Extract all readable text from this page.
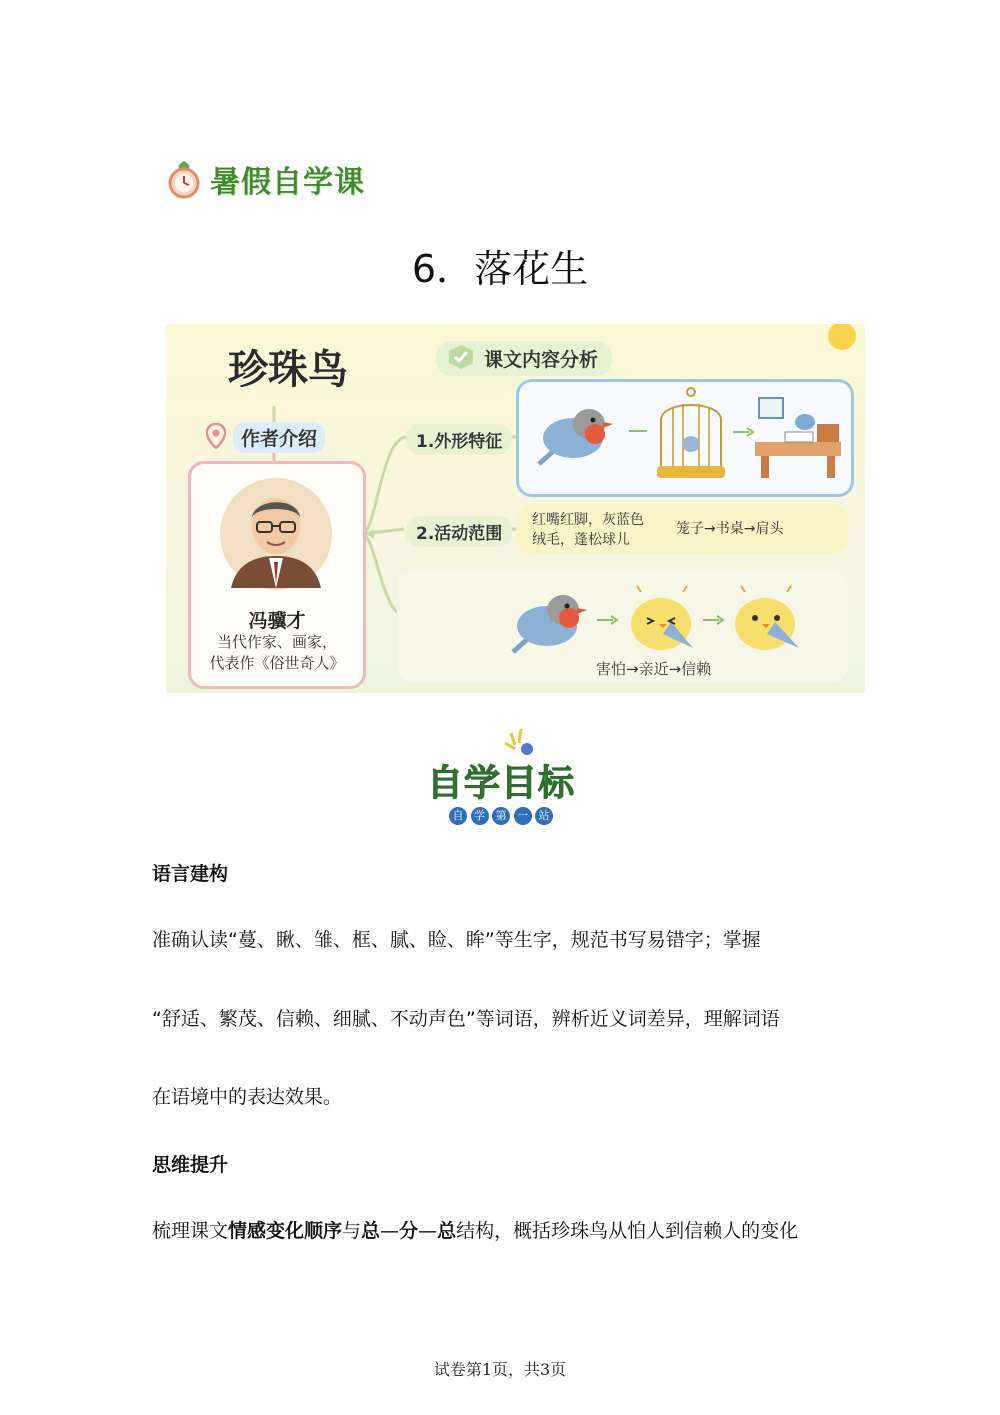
暑假自学课
6．落花生
珍珠鸟	课文内容分析
作者介绍
冯骥才
当代作家、画家，
代表作《俗世奇人》
1.外形特征
2.活动范围
红嘴红脚，灰蓝色
绒毛，蓬松球儿
笼子→书桌→肩头
害怕→亲近→信赖
自学目标
自 学 第 一 站
语言建构
准确认读“蔓、瞅、雏、框、腻、睑、眸”等生字，规范书写易错字；掌握
“舒适、繁茂、信赖、细腻、不动声色”等词语，辨析近义词差异，理解词语
在语境中的表达效果。
思维提升
梳理课文情感变化顺序与总—分—总结构，概括珍珠鸟从怕人到信赖人的变化
试卷第1页，共3页
